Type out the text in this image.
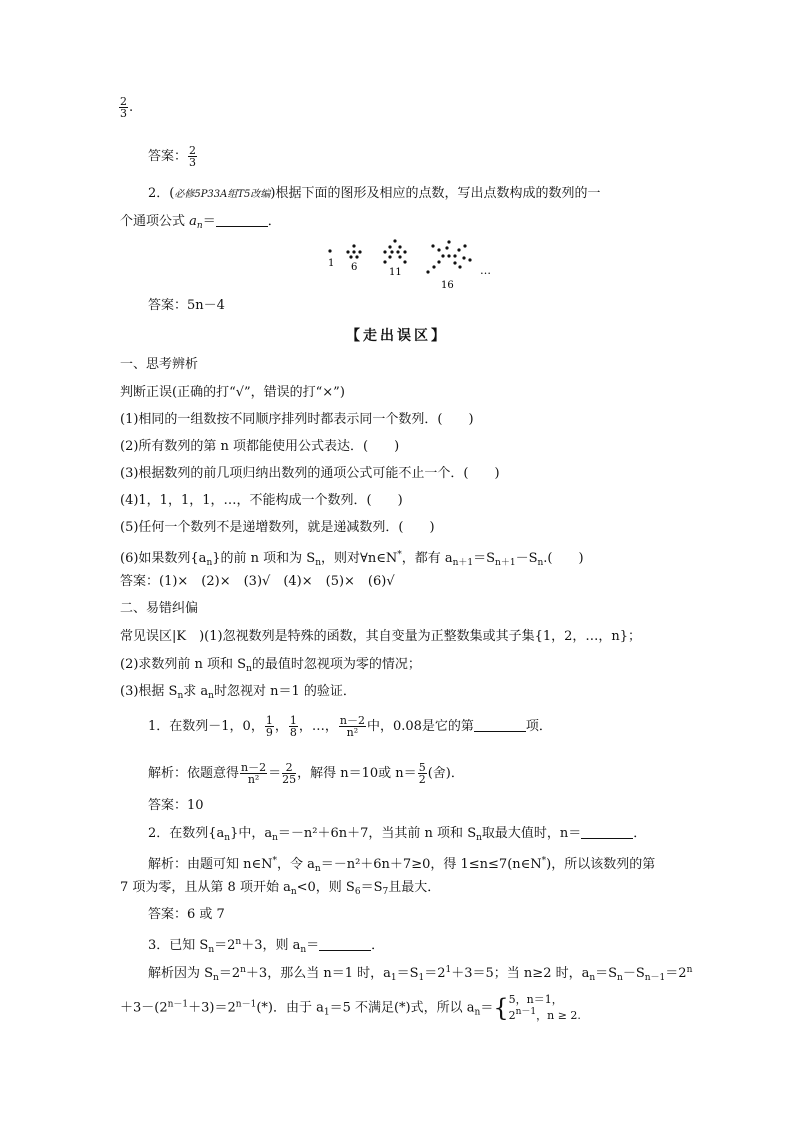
$\frac{2}{3}$ .
答案： $\frac{2}{3}$
2．(必修5P33A组T5改编)根据下面的图形及相应的点数，写出点数构成的数列的一
个通项公式 $a_n=$	．
1 6	11
16
…
答案：5n－4
【走出误区】
一、思考辨析
判断正误(正确的打“√”，错误的打“×”)
(1)相同的一组数按不同顺序排列时都表示同一个数列．(　　)
(2)所有数列的第 n 项都能使用公式表达．(　　)
(3)根据数列的前几项归纳出数列的通项公式可能不止一个．(　　)
(4)1，1，1，1，…，不能构成一个数列．(　　)
(5)任何一个数列不是递增数列，就是递减数列．(　　)
(6)如果数列$\{a_n\}$的前 n 项和为 $S_n$，则对∀n∈N*，都有 $a_{n+1}=S_{n+1}-S_n$.(　　)
答案：(1)×　(2)×　(3)√　(4)×　(5)×　(6)√
二、易错纠偏
常见误区|K　)(1)忽视数列是特殊的函数，其自变量为正整数集或其子集{1，2，…，n}；
(2)求数列前 n 项和 $S_n$的最值时忽视项为零的情况；
(3)根据 $S_n$求 $a_n$时忽视对 n＝1 的验证．
1．在数列－1，0， $\frac{1}{9}$ ， $\frac{1}{8}$ ，…， $\frac{n-2}{\text{n²}}$ 中，0.08是它的第	项．
解析：依题意得 $\frac{n-2}{\text{n²}} = \frac{2}{25}$ ，解得 n＝10或 $n= \frac{5}{2}$ (舍)．
答案：10
2．在数列$\{a_n\}$中，$a_n=-n^2+6n+7$，当其前 n 项和 $S_n$取最大值时，n＝	．
解析：由题可知 n∈N*，令 $a_n=-n^2+6n+7\ge 0$，得 1≤n≤7(n∈N*)，所以该数列的第
7 项为零，且从第 8 项开始 $a_n<0$，则 $S_6=S_7$且最大．
答案：6 或 7
3．已知 $S_n=2^n+3$，则 $a_n=$	．
解析因为 $S_n=2^n+3$，那么当 n＝1 时，$a_1=S_1=2^1+3=5$；当 n≥2 时，$a_n=S_n-S_{n-1}=2^n$
$+3-(2^{n-1}+3)=2^{n-1}(*)$．由于 $a_1=5$ 不满足(*)式，所以 $a_n=${ 5，n＝1，
$2^{n-1}$，n ≥ 2.
